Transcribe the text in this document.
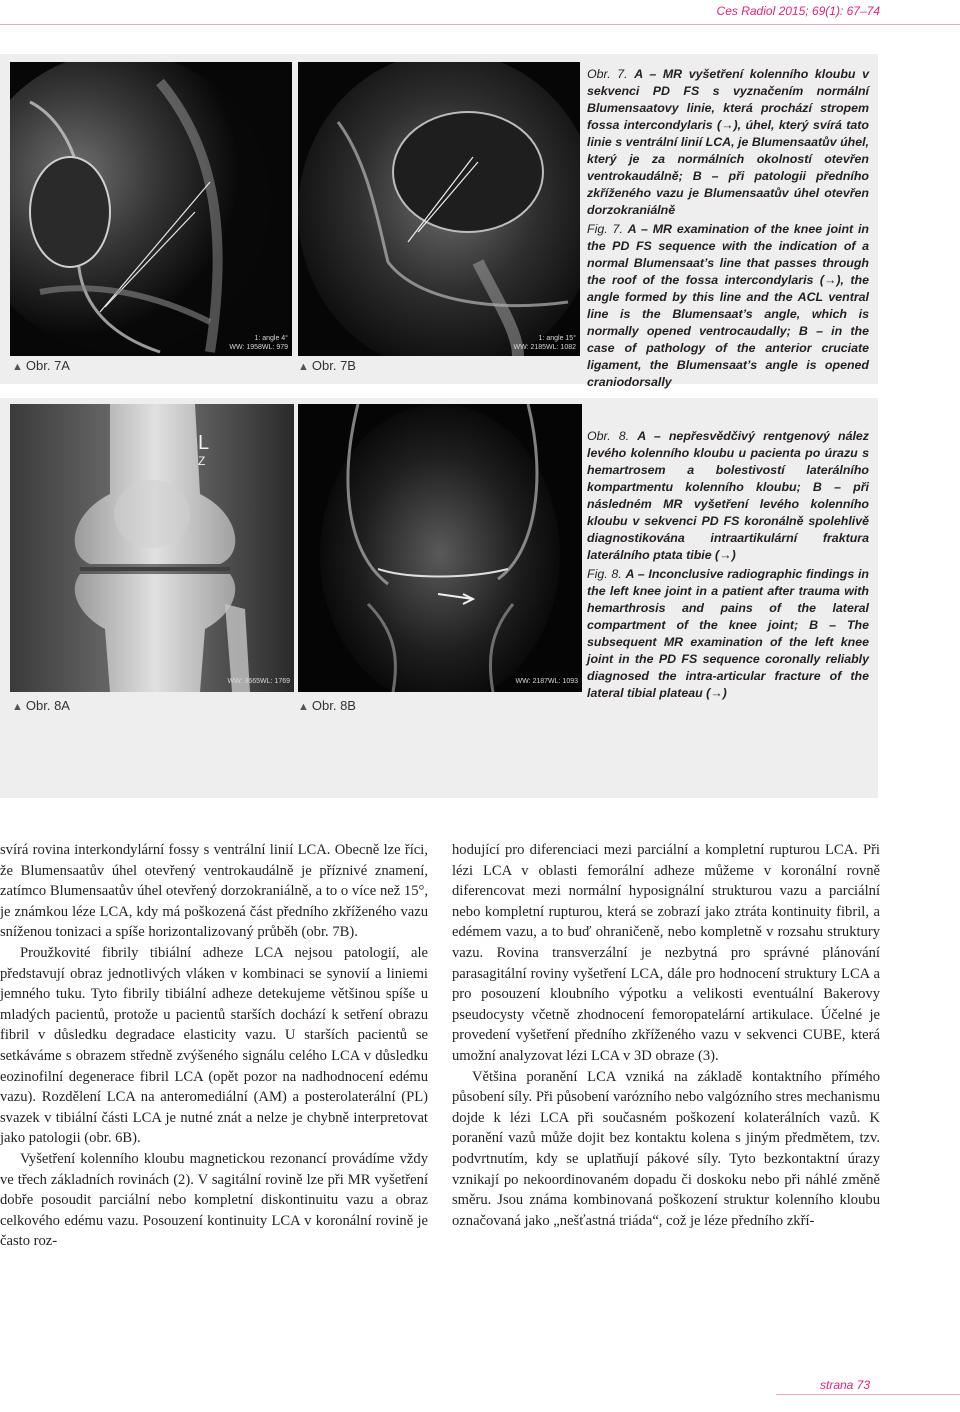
Ces Radiol 2015; 69(1): 67–74
1: angle 4°
WW: 1958WL: 979
1: angle 15°
WW: 2185WL: 1082
▲ Obr. 7A	▲ Obr. 7B

Obr. 7. A – MR vyšetření kolenního kloubu v sekvenci PD FS s vyznačením normální Blumensaatovy linie, která prochází stropem fossa intercondylaris (→), úhel, který svírá tato linie s ventrální linií LCA, je Blumensaatův úhel, který je za normálních okolností otevřen ventrokaudálně; B – při patologii předního zkříženého vazu je Blumensaatův úhel otevřen dorzokraniálně

Fig. 7. A – MR examination of the knee joint in the PD FS sequence with the indication of a normal Blumensaat’s line that passes through the roof of the fossa intercondylaris (→), the angle formed by this line and the ACL ventral line is the Blumensaat’s angle, which is normally opened ventrocaudally; B – in the case of pathology of the anterior cruciate ligament, the Blumensaat’s angle is opened craniodorsally

L
Z
WW: 3665WL: 1769	WW: 2187WL: 1093
▲ Obr. 8A	▲ Obr. 8B

Obr. 8. A – nepřesvědčivý rentgenový nález levého kolenního kloubu u pacienta po úrazu s hemartrosem a bolestivostí laterálního kompartmentu kolenního kloubu; B – při následném MR vyšetření levého kolenního kloubu v sekvenci PD FS koronálně spolehlivě diagnostikována intraartikulární fraktura laterálního ptata tibie (→)

Fig. 8. A – Inconclusive radiographic findings in the left knee joint in a patient after trauma with hemarthrosis and pains of the lateral compartment of the knee joint; B – The subsequent MR examination of the left knee joint in the PD FS sequence coronally reliably diagnosed the intra-articular fracture of the lateral tibial plateau (→)

svírá rovina interkondylární fossy s ventrální linií LCA. Obecně lze říci, že Blumensaatův úhel otevřený ventrokaudálně je příznivé znamení, zatímco Blumensaatův úhel otevřený dorzokraniálně, a to o více než 15°, je známkou léze LCA, kdy má poškozená část předního zkříženého vazu sníženou tonizaci a spíše horizontalizovaný průběh (obr. 7B).

Proužkovité fibrily tibiální adheze LCA nejsou patologií, ale představují obraz jednotlivých vláken v kombinaci se synovií a liniemi jemného tuku. Tyto fibrily tibiální adheze detekujeme většinou spíše u mladých pacientů, protože u pacientů starších dochází k setření obrazu fibril v důsledku degradace elasticity vazu. U starších pacientů se setkáváme s obrazem středně zvýšeného signálu celého LCA v důsledku eozinofilní degenerace fibril LCA (opět pozor na nadhodnocení edému vazu). Rozdělení LCA na anteromediální (AM) a posterolaterální (PL) svazek v tibiální části LCA je nutné znát a nelze je chybně interpretovat jako patologii (obr. 6B).

Vyšetření kolenního kloubu magnetickou rezonancí provádíme vždy ve třech základních rovinách (2). V sagitální rovině lze při MR vyšetření dobře posoudit parciální nebo kompletní diskontinuitu vazu a obraz celkového edému vazu. Posouzení kontinuity LCA v koronální rovině je často roz-

hodující pro diferenciaci mezi parciální a kompletní rupturou LCA. Při lézi LCA v oblasti femorální adheze můžeme v koronální rovně diferencovat mezi normální hyposignální strukturou vazu a parciální nebo kompletní rupturou, která se zobrazí jako ztráta kontinuity fibril, a edémem vazu, a to buď ohraničeně, nebo kompletně v rozsahu struktury vazu. Rovina transverzální je nezbytná pro správné plánování parasagitální roviny vyšetření LCA, dále pro hodnocení struktury LCA a pro posouzení kloubního výpotku a velikosti eventuální Bakerovy pseudocysty včetně zhodnocení femoropatelární artikulace. Účelné je provedení vyšetření předního zkříženého vazu v sekvenci CUBE, která umožní analyzovat lézi LCA v 3D obraze (3).

Většina poranění LCA vzniká na základě kontaktního přímého působení síly. Při působení varózního nebo valgózního stres mechanismu dojde k lézi LCA při současném poškození kolaterálních vazů. K poranění vazů může dojit bez kontaktu kolena s jiným předmětem, tzv. podvrtnutím, kdy se uplatňují pákové síly. Tyto bezkontaktní úrazy vznikají po nekoordinovaném dopadu či doskoku nebo při náhlé změně směru. Jsou známa kombinovaná poškození struktur kolenního kloubu označovaná jako „nešťastná triáda“, což je léze předního zkří-

strana 73
